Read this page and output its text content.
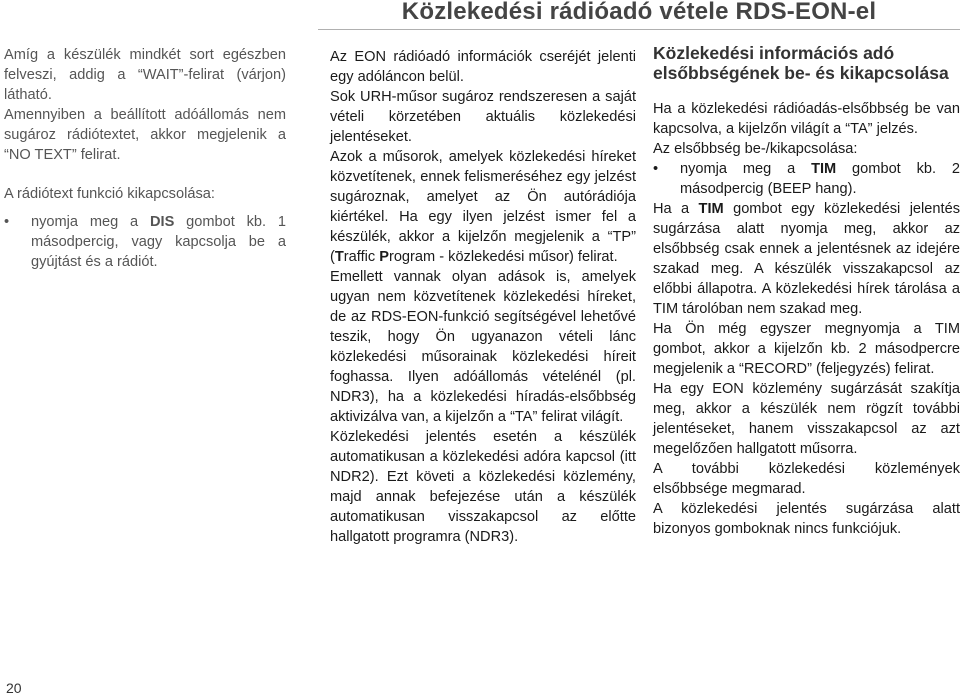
Közlekedési rádióadó vétele RDS-EON-el

Amíg a készülék mindkét sort egészben felveszi, addig a “WAIT”-felirat (várjon) látható.

Amennyiben a beállított adóállomás nem sugároz rádiótextet, akkor megjelenik a “NO TEXT” felirat.

A rádiótext funkció kikapcsolása:

• nyomja meg a DIS gombot kb. 1 másodpercig, vagy kapcsolja be a gyújtást és a rádiót.

Az EON rádióadó információk cseréjét jelenti egy adóláncon belül.

Sok URH-műsor sugároz rendszeresen a saját vételi körzetében aktuális közlekedési jelentéseket.

Azok a műsorok, amelyek közlekedési híreket közvetítenek, ennek felismeréséhez egy jelzést sugároznak, amelyet az Ön autórádiója kiértékel. Ha egy ilyen jelzést ismer fel a készülék, akkor a kijelzőn megjelenik a “TP” (Traffic Program - közlekedési műsor) felirat.

Emellett vannak olyan adások is, amelyek ugyan nem közvetítenek közlekedési híreket, de az RDS-EON-funkció segítségével lehetővé teszik, hogy Ön ugyanazon vételi lánc közlekedési műsorainak közlekedési híreit foghassa. Ilyen adóállomás vételénél (pl. NDR3), ha a közlekedési híradás-elsőbbség aktivizálva van, a kijelzőn a “TA” felirat világít.

Közlekedési jelentés esetén a készülék automatikusan a közlekedési adóra kapcsol (itt NDR2). Ezt követi a közlekedési közlemény, majd annak befejezése után a készülék automatikusan visszakapcsol az előtte hallgatott programra (NDR3).

Közlekedési információs adó elsőbbségének be- és kikapcsolása

Ha a közlekedési rádióadás-elsőbbség be van kapcsolva, a kijelzőn világít a “TA” jelzés.

Az elsőbbség be-/kikapcsolása:

• nyomja meg a TIM gombot kb. 2 másodpercig (BEEP hang).

Ha a TIM gombot egy közlekedési jelentés sugárzása alatt nyomja meg, akkor az elsőbbség csak ennek a jelentésnek az idejére szakad meg. A készülék visszakapcsol az előbbi állapotra. A közlekedési hírek tárolása a TIM tárolóban nem szakad meg.

Ha Ön még egyszer megnyomja a TIM gombot, akkor a kijelzőn kb. 2 másodpercre megjelenik a “RECORD” (feljegyzés) felirat.

Ha egy EON közlemény sugárzását szakítja meg, akkor a készülék nem rögzít további jelentéseket, hanem visszakapcsol az azt megelőzően hallgatott műsorra.

A további közlekedési közlemények elsőbbsége megmarad.

A közlekedési jelentés sugárzása alatt bizonyos gomboknak nincs funkciójuk.

20
